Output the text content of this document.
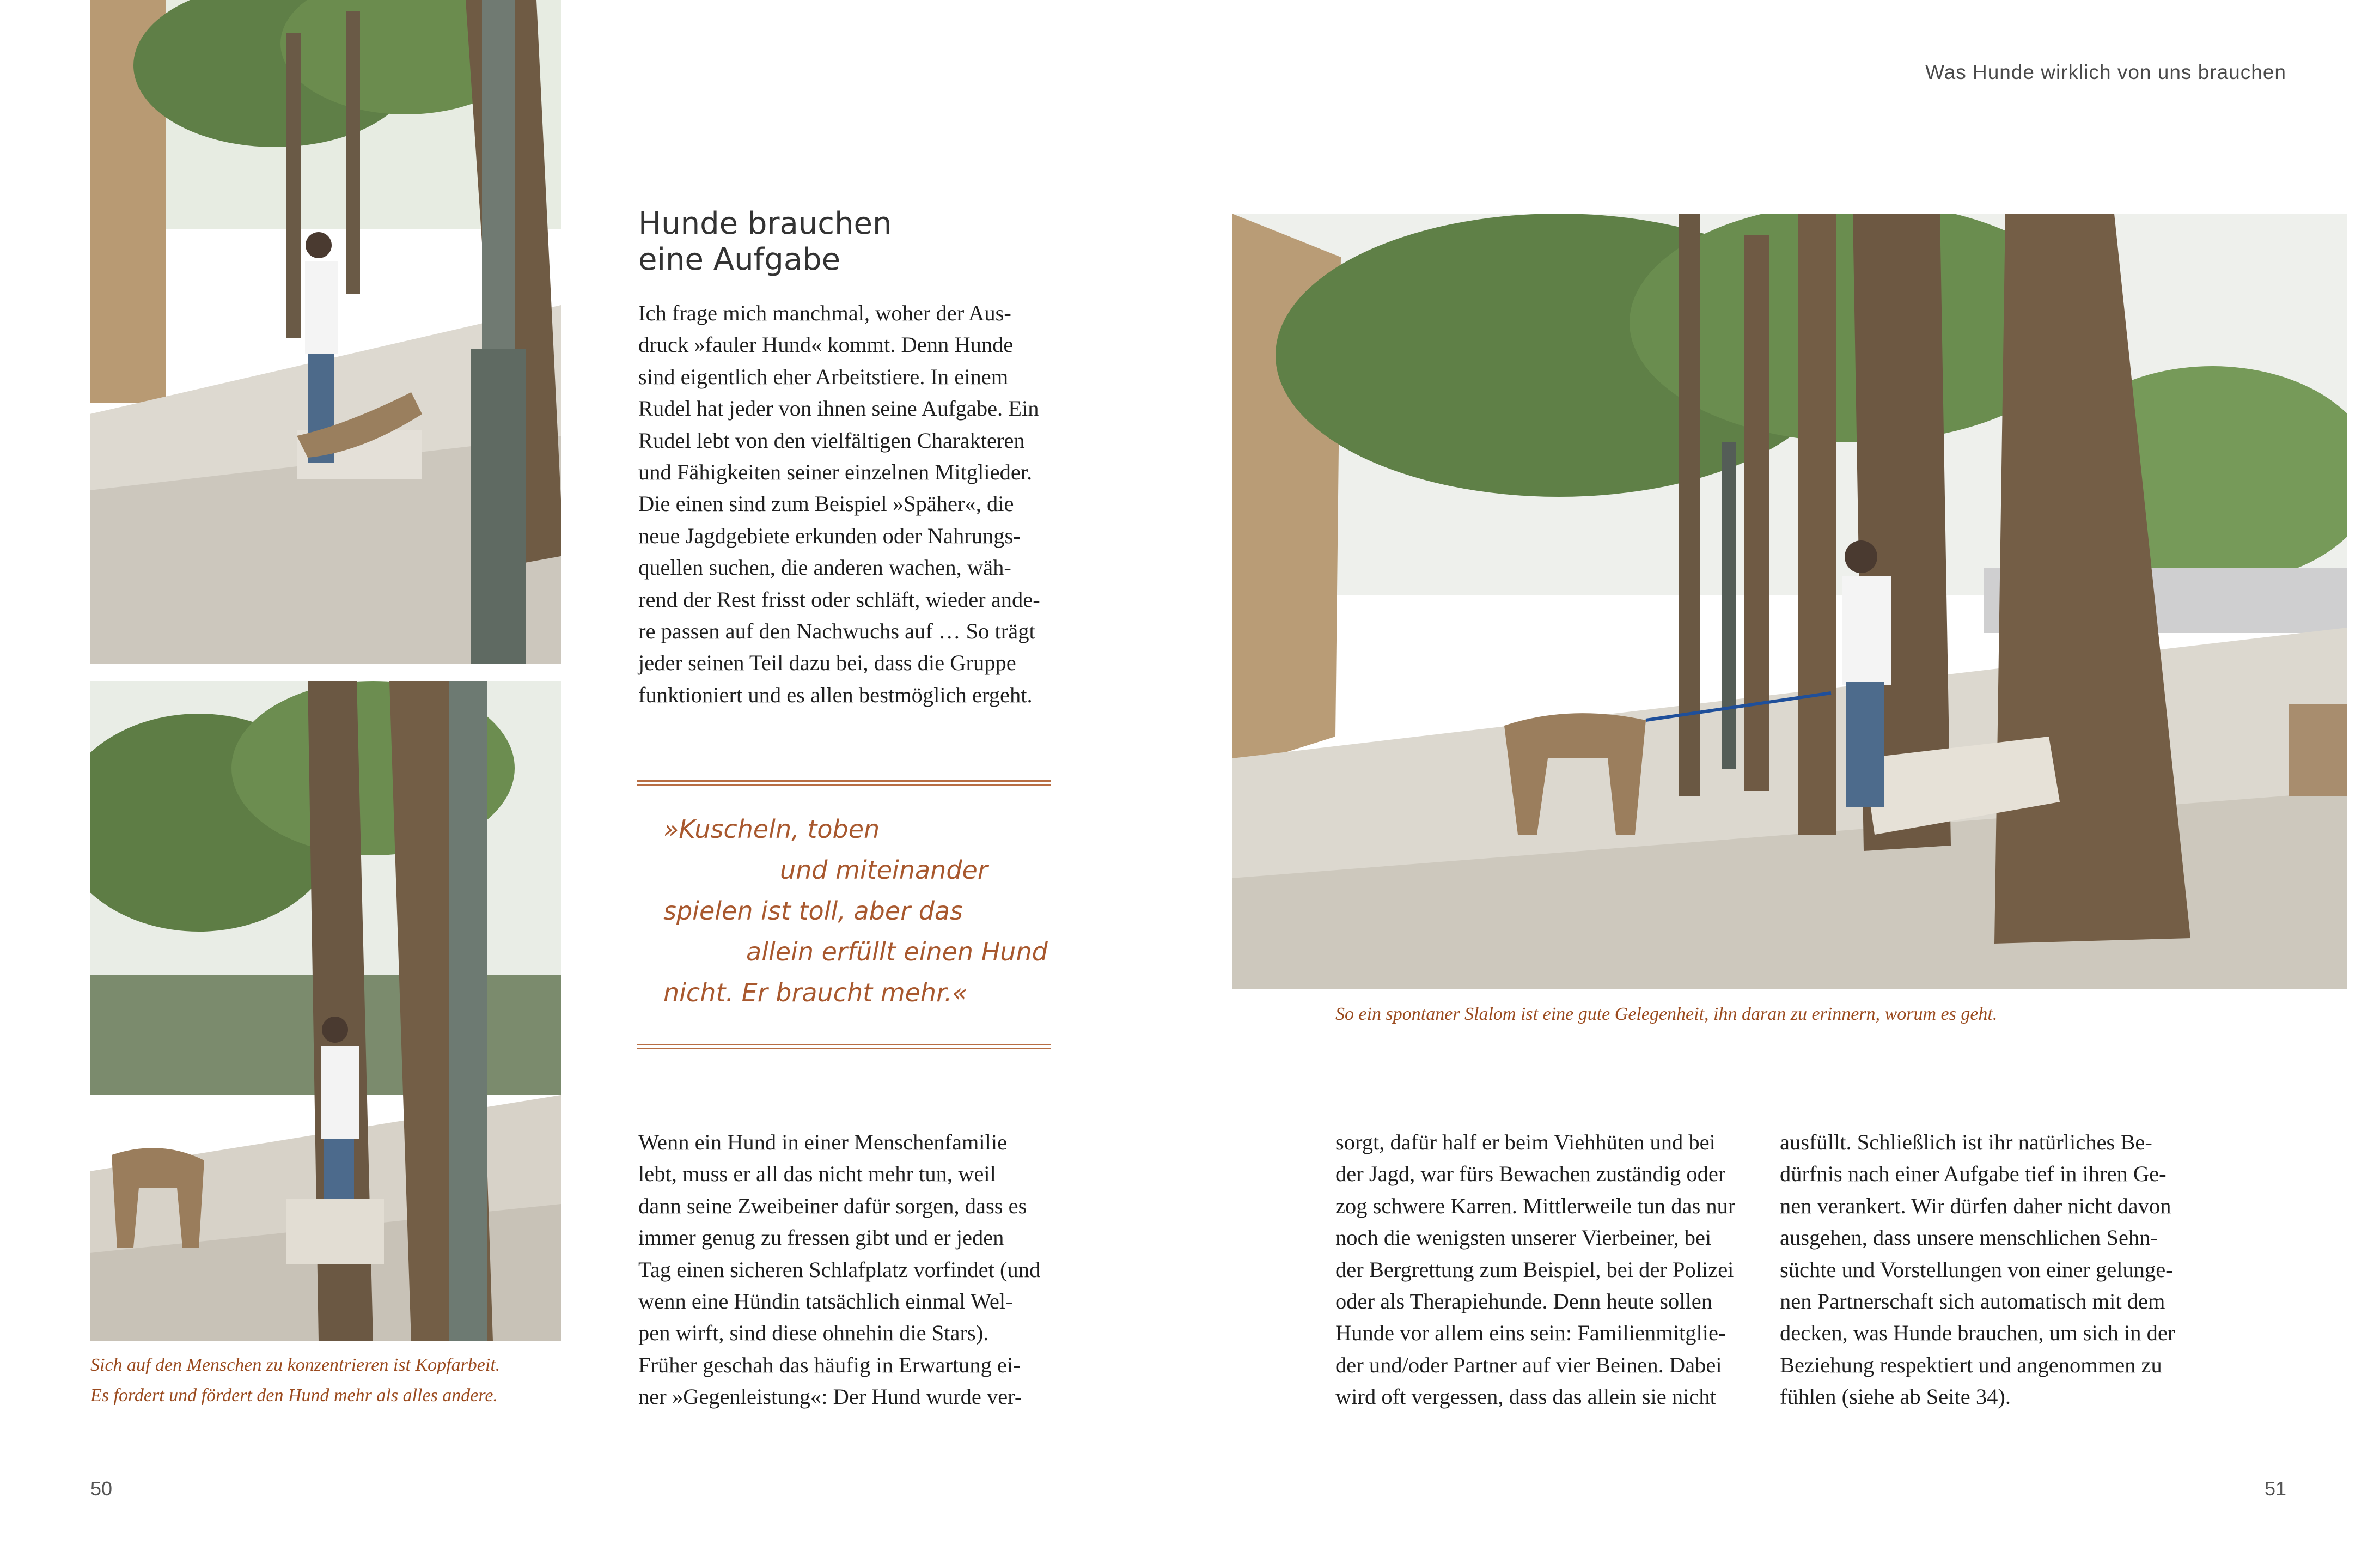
Was Hunde wirklich von uns brauchen
Sich auf den Menschen zu konzentrieren ist Kopfarbeit.
Es fordert und fördert den Hund mehr als alles andere.
Hunde brauchen
eine Aufgabe
Ich frage mich manchmal, woher der Aus-
druck »fauler Hund« kommt. Denn Hunde
sind eigentlich eher Arbeitstiere. In einem
Rudel hat jeder von ihnen seine Aufgabe. Ein
Rudel lebt von den vielfältigen Charakteren
und Fähigkeiten seiner einzelnen Mitglieder.
Die einen sind zum Beispiel »Späher«, die
neue Jagdgebiete erkunden oder Nahrungs-
quellen suchen, die anderen wachen, wäh-
rend der Rest frisst oder schläft, wieder ande-
re passen auf den Nachwuchs auf … So trägt
jeder seinen Teil dazu bei, dass die Gruppe
funktioniert und es allen bestmöglich ergeht.
»Kuscheln, toben
und miteinander
spielen ist toll, aber das
allein erfüllt einen Hund
nicht. Er braucht mehr.«
Wenn ein Hund in einer Menschenfamilie
lebt, muss er all das nicht mehr tun, weil
dann seine Zweibeiner dafür sorgen, dass es
immer genug zu fressen gibt und er jeden
Tag einen sicheren Schlafplatz vorfindet (und
wenn eine Hündin tatsächlich einmal Wel-
pen wirft, sind diese ohnehin die Stars).
Früher geschah das häufig in Erwartung ei-
ner »Gegenleistung«: Der Hund wurde ver-
So ein spontaner Slalom ist eine gute Gelegenheit, ihn daran zu erinnern, worum es geht.
sorgt, dafür half er beim Viehhüten und bei
der Jagd, war fürs Bewachen zuständig oder
zog schwere Karren. Mittlerweile tun das nur
noch die wenigsten unserer Vierbeiner, bei
der Bergrettung zum Beispiel, bei der Polizei
oder als Therapiehunde. Denn heute sollen
Hunde vor allem eins sein: Familienmitglie-
der und/oder Partner auf vier Beinen. Dabei
wird oft vergessen, dass das allein sie nicht
ausfüllt. Schließlich ist ihr natürliches Be-
dürfnis nach einer Aufgabe tief in ihren Ge-
nen verankert. Wir dürfen daher nicht davon
ausgehen, dass unsere menschlichen Sehn-
süchte und Vorstellungen von einer gelunge-
nen Partnerschaft sich automatisch mit dem
decken, was Hunde brauchen, um sich in der
Beziehung respektiert und angenommen zu
fühlen (siehe ab Seite 34).
50	51
